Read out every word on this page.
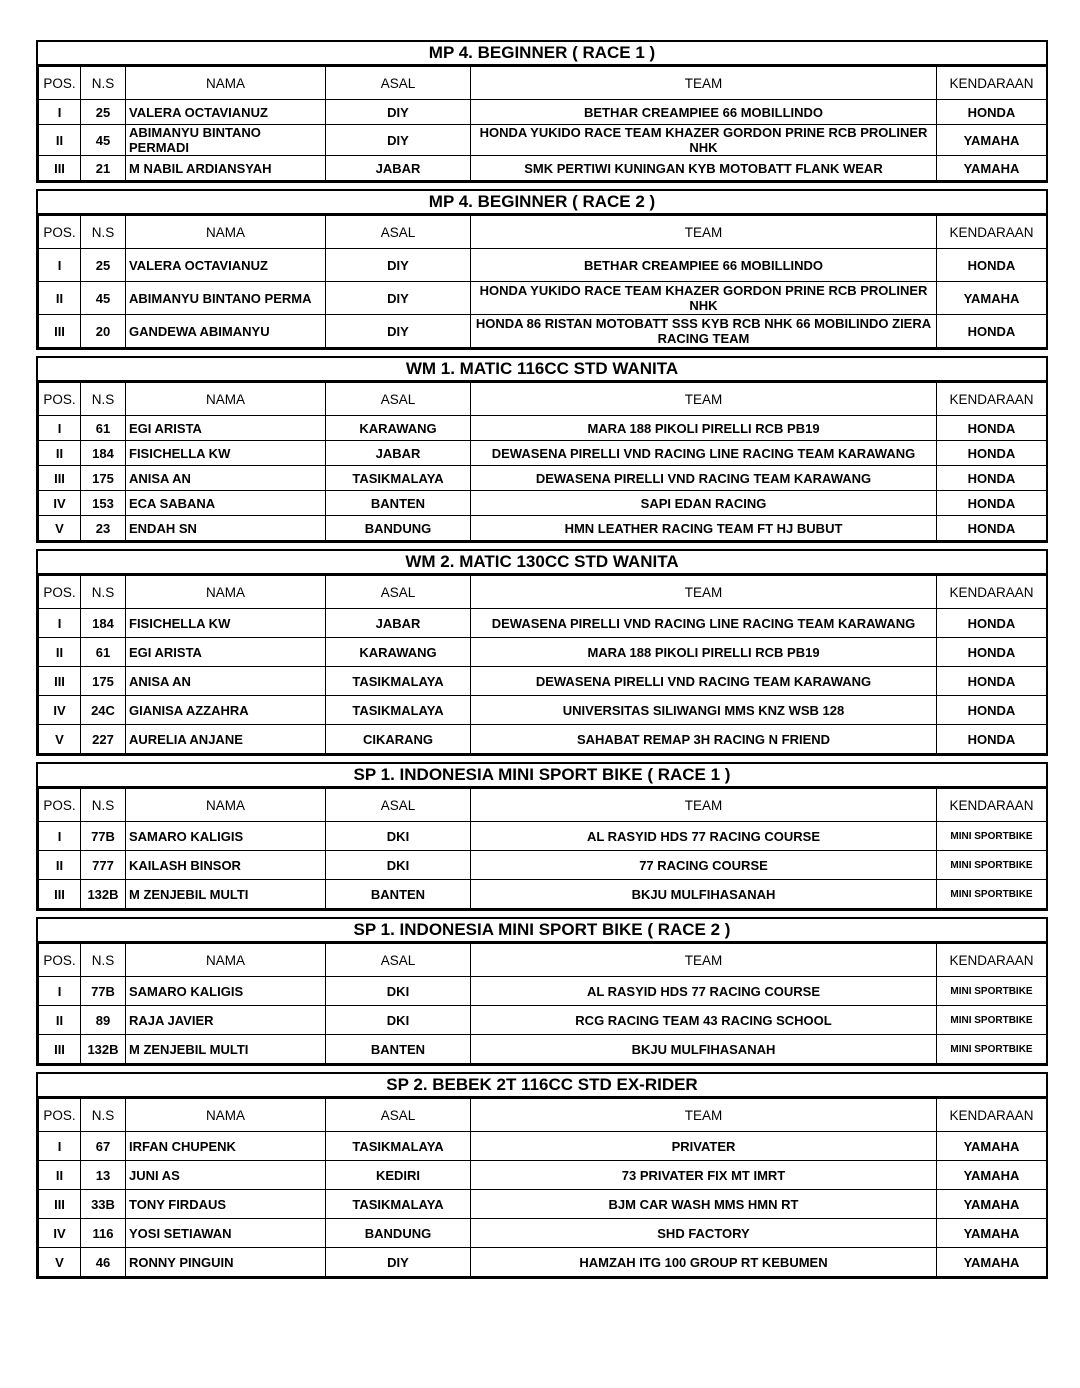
MP 4. BEGINNER ( RACE 1 )
POS.	N.S	NAMA	ASAL	TEAM	KENDARAAN
I	25	VALERA OCTAVIANUZ	DIY	BETHAR CREAMPIEE 66 MOBILLINDO	HONDA
II	45	ABIMANYU BINTANO PERMADI	DIY	HONDA YUKIDO RACE TEAM KHAZER GORDON PRINE RCB PROLINER NHK	YAMAHA
III	21	M NABIL ARDIANSYAH	JABAR	SMK PERTIWI KUNINGAN KYB MOTOBATT FLANK WEAR	YAMAHA
MP 4. BEGINNER ( RACE 2 )
POS.	N.S	NAMA	ASAL	TEAM	KENDARAAN
I	25	VALERA OCTAVIANUZ	DIY	BETHAR CREAMPIEE 66 MOBILLINDO	HONDA
II	45	ABIMANYU BINTANO PERMA	DIY	HONDA YUKIDO RACE TEAM KHAZER GORDON PRINE RCB PROLINER NHK	YAMAHA
III	20	GANDEWA ABIMANYU	DIY	HONDA 86 RISTAN MOTOBATT SSS KYB RCB NHK 66 MOBILINDO ZIERA RACING TEAM	HONDA
WM 1. MATIC 116CC STD WANITA
POS.	N.S	NAMA	ASAL	TEAM	KENDARAAN
I	61	EGI ARISTA	KARAWANG	MARA 188 PIKOLI PIRELLI RCB PB19	HONDA
II	184	FISICHELLA KW	JABAR	DEWASENA PIRELLI VND RACING LINE RACING TEAM KARAWANG	HONDA
III	175	ANISA AN	TASIKMALAYA	DEWASENA PIRELLI VND RACING TEAM KARAWANG	HONDA
IV	153	ECA SABANA	BANTEN	SAPI EDAN RACING	HONDA
V	23	ENDAH SN	BANDUNG	HMN LEATHER RACING TEAM FT HJ BUBUT	HONDA
WM 2. MATIC 130CC STD WANITA
POS.	N.S	NAMA	ASAL	TEAM	KENDARAAN
I	184	FISICHELLA KW	JABAR	DEWASENA PIRELLI VND RACING LINE RACING TEAM KARAWANG	HONDA
II	61	EGI ARISTA	KARAWANG	MARA 188 PIKOLI PIRELLI RCB PB19	HONDA
III	175	ANISA AN	TASIKMALAYA	DEWASENA PIRELLI VND RACING TEAM KARAWANG	HONDA
IV	24C	GIANISA AZZAHRA	TASIKMALAYA	UNIVERSITAS SILIWANGI MMS KNZ WSB 128	HONDA
V	227	AURELIA ANJANE	CIKARANG	SAHABAT REMAP 3H RACING N FRIEND	HONDA
SP 1. INDONESIA MINI SPORT BIKE ( RACE 1 )
POS.	N.S	NAMA	ASAL	TEAM	KENDARAAN
I	77B	SAMARO KALIGIS	DKI	AL RASYID HDS 77 RACING COURSE	MINI SPORTBIKE
II	777	KAILASH BINSOR	DKI	77 RACING COURSE	MINI SPORTBIKE
III	132B	M ZENJEBIL MULTI	BANTEN	BKJU MULFIHASANAH	MINI SPORTBIKE
SP 1. INDONESIA MINI SPORT BIKE ( RACE 2 )
POS.	N.S	NAMA	ASAL	TEAM	KENDARAAN
I	77B	SAMARO KALIGIS	DKI	AL RASYID HDS 77 RACING COURSE	MINI SPORTBIKE
II	89	RAJA JAVIER	DKI	RCG RACING TEAM 43 RACING SCHOOL	MINI SPORTBIKE
III	132B	M ZENJEBIL MULTI	BANTEN	BKJU MULFIHASANAH	MINI SPORTBIKE
SP 2. BEBEK 2T 116CC STD EX-RIDER
POS.	N.S	NAMA	ASAL	TEAM	KENDARAAN
I	67	IRFAN CHUPENK	TASIKMALAYA	PRIVATER	YAMAHA
II	13	JUNI AS	KEDIRI	73 PRIVATER FIX MT IMRT	YAMAHA
III	33B	TONY FIRDAUS	TASIKMALAYA	BJM CAR WASH MMS HMN RT	YAMAHA
IV	116	YOSI SETIAWAN	BANDUNG	SHD FACTORY	YAMAHA
V	46	RONNY PINGUIN	DIY	HAMZAH ITG 100 GROUP RT KEBUMEN	YAMAHA
